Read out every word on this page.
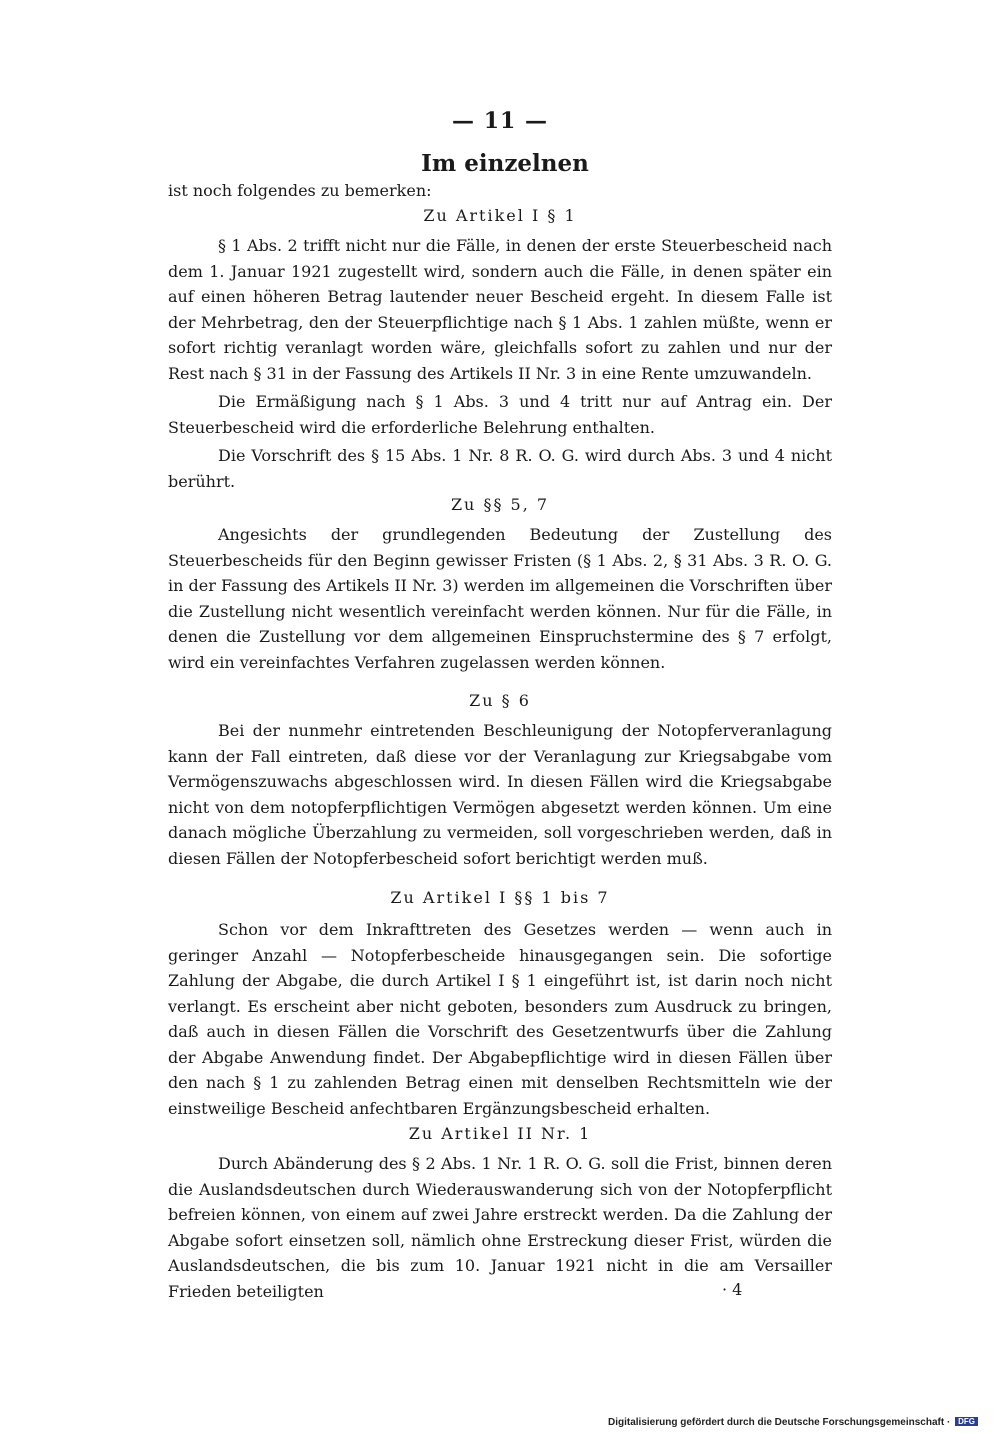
— 11 —
Im einzelnen
ist noch folgendes zu bemerken:
Zu Artikel I § 1

§ 1 Abs. 2 trifft nicht nur die Fälle, in denen der erste Steuerbescheid nach dem 1. Januar 1921 zugestellt wird, sondern auch die Fälle, in denen später ein auf einen höheren Betrag lautender neuer Bescheid ergeht. In diesem Falle ist der Mehrbetrag, den der Steuerpflichtige nach § 1 Abs. 1 zahlen müßte, wenn er sofort richtig veranlagt worden wäre, gleichfalls sofort zu zahlen und nur der Rest nach § 31 in der Fassung des Artikels II Nr. 3 in eine Rente umzuwandeln.

Die Ermäßigung nach § 1 Abs. 3 und 4 tritt nur auf Antrag ein. Der Steuerbescheid wird die erforderliche Belehrung enthalten.

Die Vorschrift des § 15 Abs. 1 Nr. 8 R. O. G. wird durch Abs. 3 und 4 nicht berührt.

Zu §§ 5, 7

Angesichts der grundlegenden Bedeutung der Zustellung des Steuerbescheids für den Beginn gewisser Fristen (§ 1 Abs. 2, § 31 Abs. 3 R. O. G. in der Fassung des Artikels II Nr. 3) werden im allgemeinen die Vorschriften über die Zustellung nicht wesentlich vereinfacht werden können. Nur für die Fälle, in denen die Zustellung vor dem allgemeinen Einspruchstermine des § 7 erfolgt, wird ein vereinfachtes Verfahren zugelassen werden können.

Zu § 6

Bei der nunmehr eintretenden Beschleunigung der Notopferveranlagung kann der Fall eintreten, daß diese vor der Veranlagung zur Kriegsabgabe vom Vermögenszuwachs abgeschlossen wird. In diesen Fällen wird die Kriegsabgabe nicht von dem notopferpflichtigen Vermögen abgesetzt werden können. Um eine danach mögliche Überzahlung zu vermeiden, soll vorgeschrieben werden, daß in diesen Fällen der Notopferbescheid sofort berichtigt werden muß.

Zu Artikel I §§ 1 bis 7

Schon vor dem Inkrafttreten des Gesetzes werden — wenn auch in geringer Anzahl — Notopferbescheide hinausgegangen sein. Die sofortige Zahlung der Abgabe, die durch Artikel I § 1 eingeführt ist, ist darin noch nicht verlangt. Es erscheint aber nicht geboten, besonders zum Ausdruck zu bringen, daß auch in diesen Fällen die Vorschrift des Gesetzentwurfs über die Zahlung der Abgabe Anwendung findet. Der Abgabepflichtige wird in diesen Fällen über den nach § 1 zu zahlenden Betrag einen mit denselben Rechtsmitteln wie der einstweilige Bescheid anfechtbaren Ergänzungsbescheid erhalten.

Zu Artikel II Nr. 1

Durch Abänderung des § 2 Abs. 1 Nr. 1 R. O. G. soll die Frist, binnen deren die Auslandsdeutschen durch Wiederauswanderung sich von der Notopferpflicht befreien können, von einem auf zwei Jahre erstreckt werden. Da die Zahlung der Abgabe sofort einsetzen soll, nämlich ohne Erstreckung dieser Frist, würden die Auslandsdeutschen, die bis zum 10. Januar 1921 nicht in die am Versailler Frieden beteiligten	· 4
Digitalisierung gefördert durch die Deutsche Forschungsgemeinschaft · DFG
